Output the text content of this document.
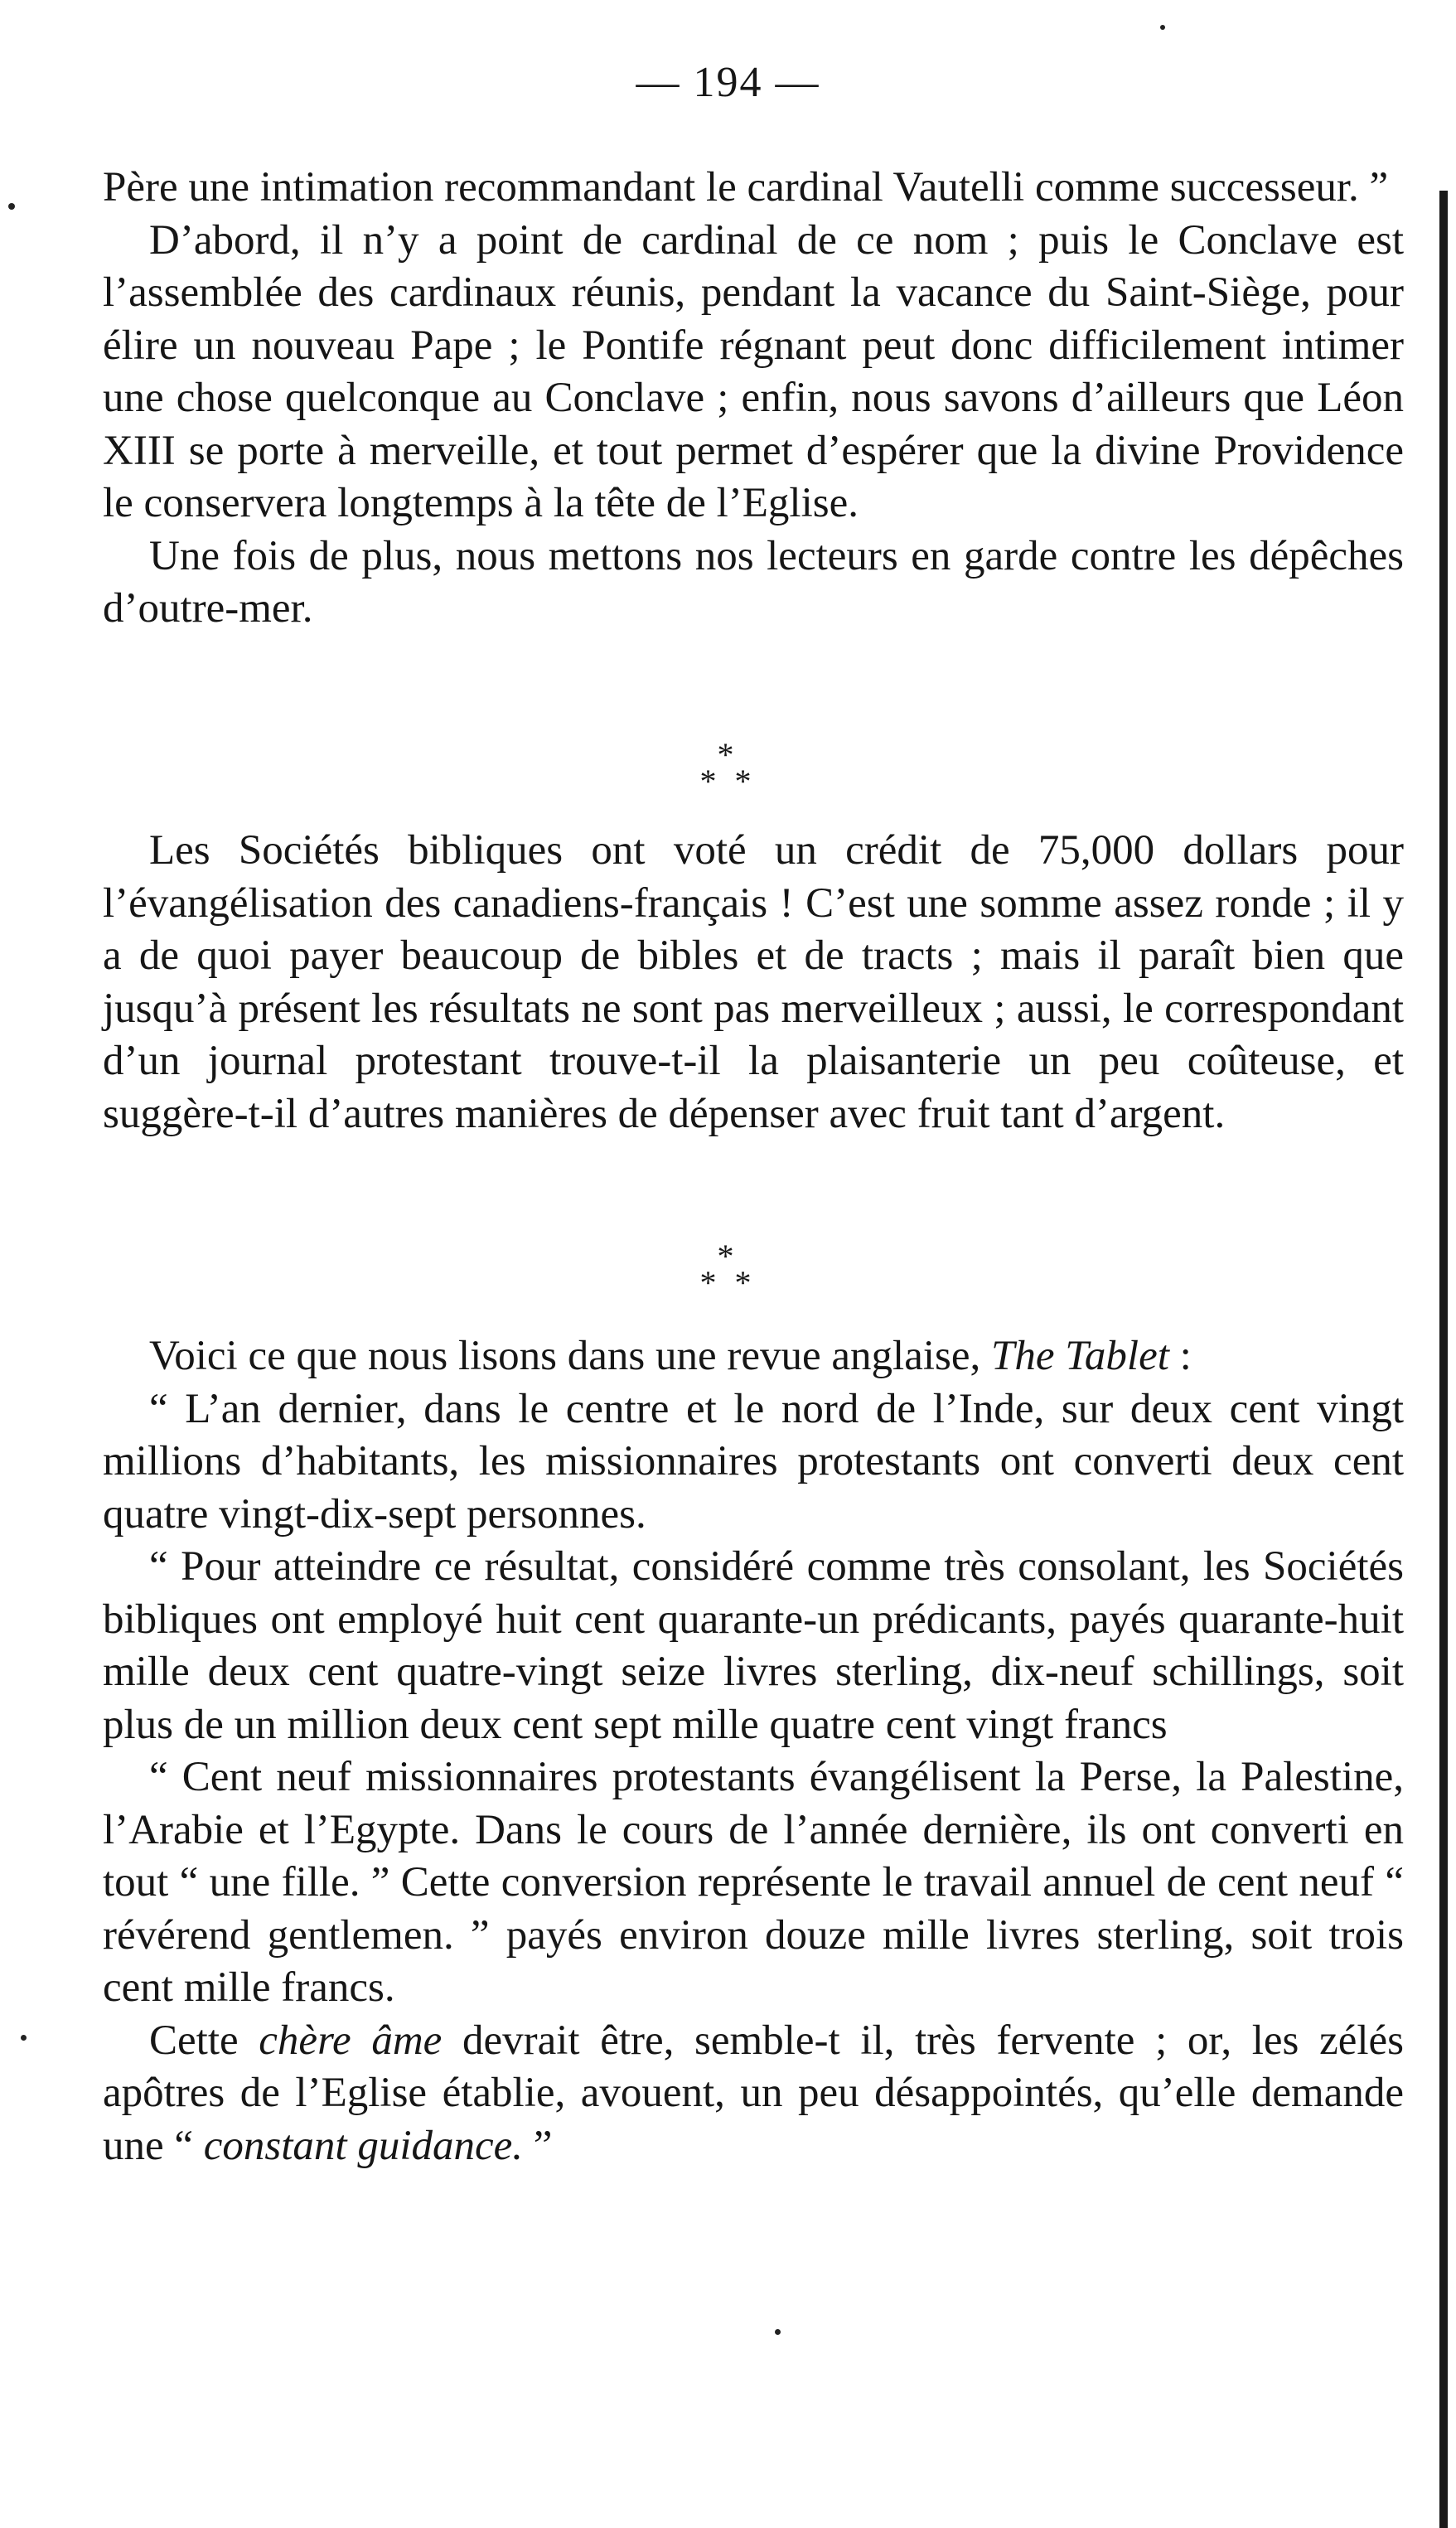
— 194 —

Père une intimation recommandant le cardinal Vautelli comme successeur. ”

D’abord, il n’y a point de cardinal de ce nom ; puis le Conclave est l’assemblée des cardinaux réunis, pendant la vacance du Saint-Siège, pour élire un nouveau Pape ; le Pontife régnant peut donc difficilement intimer une chose quelconque au Conclave ; enfin, nous savons d’ailleurs que Léon XIII se porte à merveille, et tout permet d’espérer que la divine Providence le conservera longtemps à la tête de l’Eglise.

Une fois de plus, nous mettons nos lecteurs en garde contre les dépêches d’outre-mer.

*
* *

Les Sociétés bibliques ont voté un crédit de 75,000 dollars pour l’évangélisation des canadiens-français ! C’est une somme assez ronde ; il y a de quoi payer beaucoup de bibles et de tracts ; mais il paraît bien que jusqu’à présent les résultats ne sont pas merveilleux ; aussi, le correspondant d’un journal protestant trouve-t-il la plaisanterie un peu coûteuse, et suggère-t-il d’autres manières de dépenser avec fruit tant d’argent.

*
* *

Voici ce que nous lisons dans une revue anglaise, The Tablet :

“ L’an dernier, dans le centre et le nord de l’Inde, sur deux cent vingt millions d’habitants, les missionnaires protestants ont converti deux cent quatre vingt-dix-sept personnes.

“ Pour atteindre ce résultat, considéré comme très consolant, les Sociétés bibliques ont employé huit cent quarante-un prédicants, payés quarante-huit mille deux cent quatre-vingt seize livres sterling, dix-neuf schillings, soit plus de un million deux cent sept mille quatre cent vingt francs

“ Cent neuf missionnaires protestants évangélisent la Perse, la Palestine, l’Arabie et l’Egypte. Dans le cours de l’année dernière, ils ont converti en tout “ une fille. ” Cette conversion représente le travail annuel de cent neuf “ révérend gentlemen. ” payés environ douze mille livres sterling, soit trois cent mille francs.

Cette chère âme devrait être, semble-t il, très fervente ; or, les zélés apôtres de l’Eglise établie, avouent, un peu désappointés, qu’elle demande une “ constant guidance. ”
